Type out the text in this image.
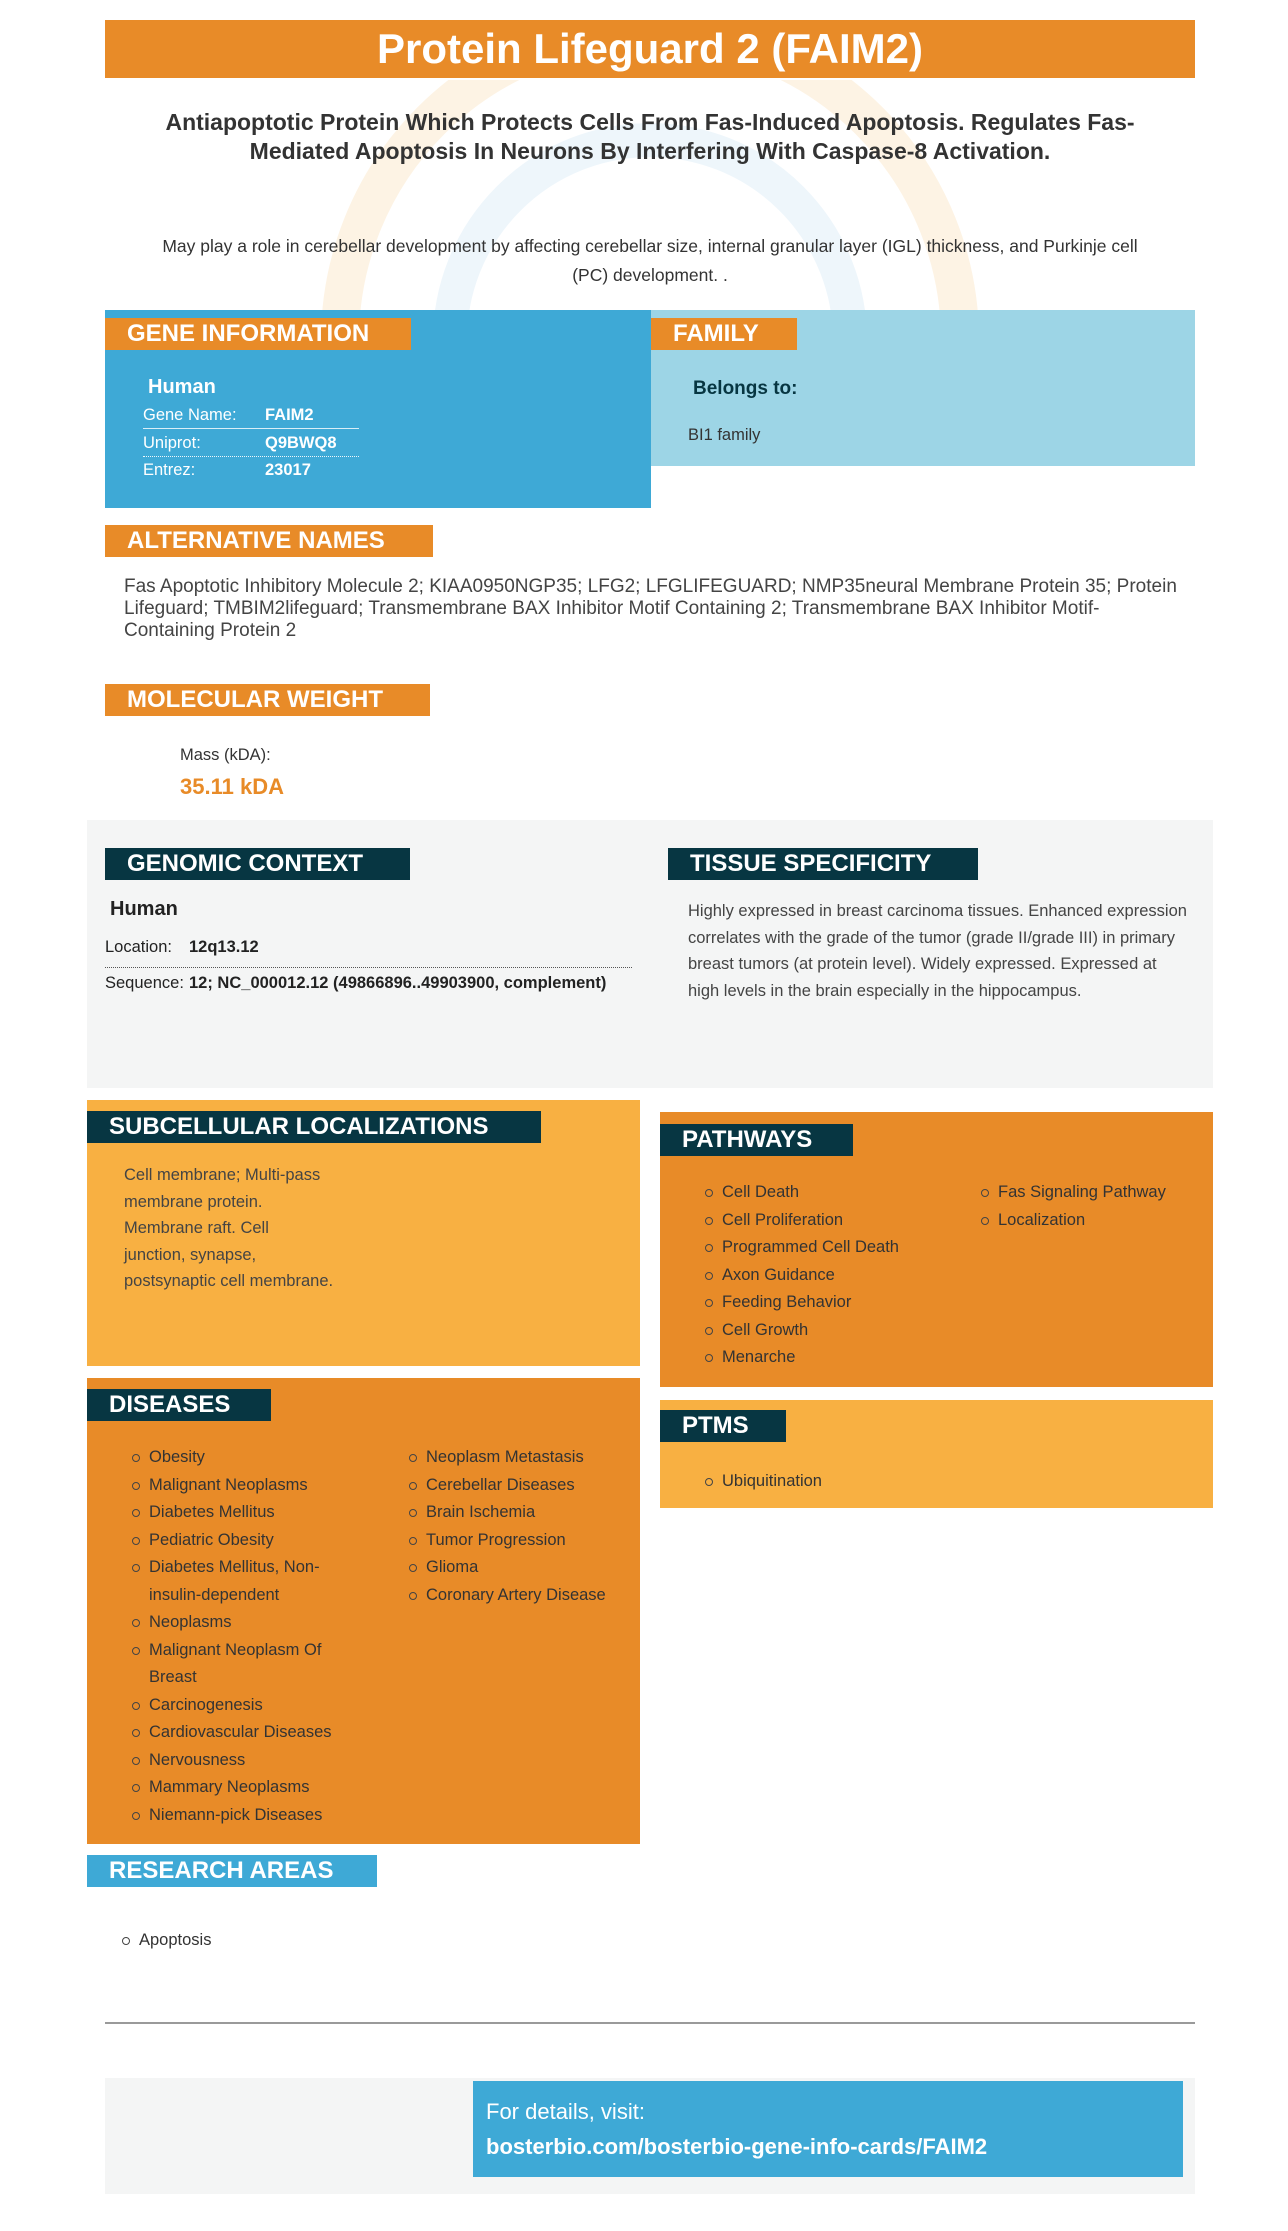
Protein Lifeguard 2 (FAIM2)
Antiapoptotic Protein Which Protects Cells From Fas-Induced Apoptosis. Regulates Fas-Mediated Apoptosis In Neurons By Interfering With Caspase-8 Activation.
May play a role in cerebellar development by affecting cerebellar size, internal granular layer (IGL) thickness, and Purkinje cell (PC) development. .
GENE INFORMATION
Human
Gene Name: FAIM2
Uniprot:	Q9BWQ8
Entrez:	23017
FAMILY
Belongs to:
BI1 family
ALTERNATIVE NAMES
Fas Apoptotic Inhibitory Molecule 2; KIAA0950NGP35; LFG2; LFGLIFEGUARD; NMP35neural Membrane Protein 35; Protein Lifeguard; TMBIM2lifeguard; Transmembrane BAX Inhibitor Motif Containing 2; Transmembrane BAX Inhibitor Motif-Containing Protein 2
MOLECULAR WEIGHT
Mass (kDA):
35.11 kDA
GENOMIC CONTEXT
Human
Location: 12q13.12
Sequence: 12; NC_000012.12 (49866896..49903900, complement)
TISSUE SPECIFICITY
Highly expressed in breast carcinoma tissues. Enhanced expression correlates with the grade of the tumor (grade II/grade III) in primary breast tumors (at protein level). Widely expressed. Expressed at high levels in the brain especially in the hippocampus.
SUBCELLULAR LOCALIZATIONS
Cell membrane; Multi-pass membrane protein. Membrane raft. Cell junction, synapse, postsynaptic cell membrane.
PATHWAYS
Cell Death
Cell Proliferation
Programmed Cell Death
Axon Guidance
Feeding Behavior
Cell Growth
Menarche
Fas Signaling Pathway
Localization
PTMS
Ubiquitination
DISEASES
Obesity
Malignant Neoplasms
Diabetes Mellitus
Pediatric Obesity
Diabetes Mellitus, Non-insulin-dependent
Neoplasms
Malignant Neoplasm Of Breast
Carcinogenesis
Cardiovascular Diseases
Nervousness
Mammary Neoplasms
Niemann-pick Diseases
Neoplasm Metastasis
Cerebellar Diseases
Brain Ischemia
Tumor Progression
Glioma
Coronary Artery Disease
RESEARCH AREAS
Apoptosis
For details, visit:
bosterbio.com/bosterbio-gene-info-cards/FAIM2
